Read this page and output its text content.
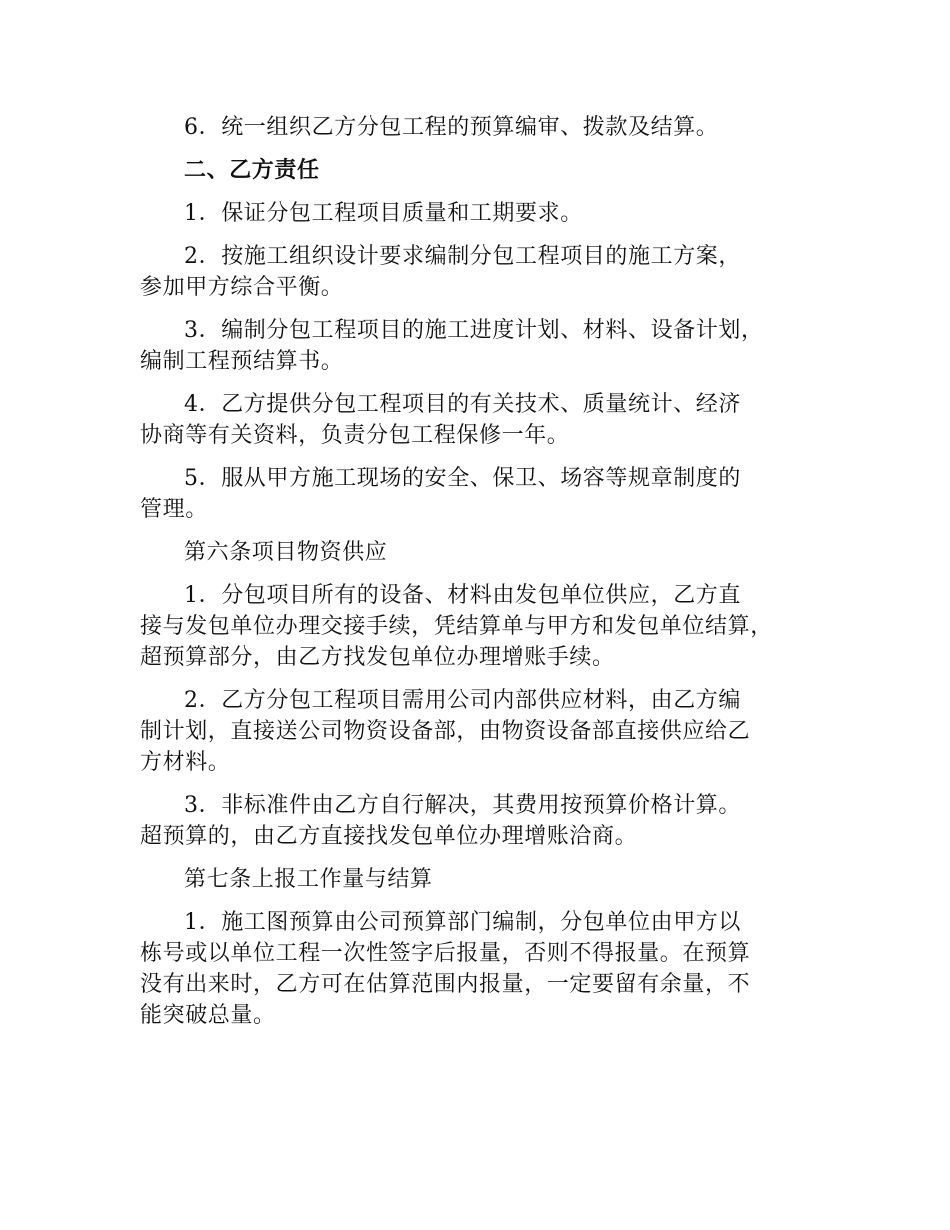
6．统一组织乙方分包工程的预算编审、拨款及结算。

二、乙方责任

1．保证分包工程项目质量和工期要求。

2．按施工组织设计要求编制分包工程项目的施工方案，
参加甲方综合平衡。

3．编制分包工程项目的施工进度计划、材料、设备计划，
编制工程预结算书。

4．乙方提供分包工程项目的有关技术、质量统计、经济
协商等有关资料，负责分包工程保修一年。

5．服从甲方施工现场的安全、保卫、场容等规章制度的
管理。

第六条项目物资供应

1．分包项目所有的设备、材料由发包单位供应，乙方直
接与发包单位办理交接手续，凭结算单与甲方和发包单位结算，
超预算部分，由乙方找发包单位办理增账手续。

2．乙方分包工程项目需用公司内部供应材料，由乙方编
制计划，直接送公司物资设备部，由物资设备部直接供应给乙
方材料。

3．非标准件由乙方自行解决，其费用按预算价格计算。
超预算的，由乙方直接找发包单位办理增账洽商。

第七条上报工作量与结算

1．施工图预算由公司预算部门编制，分包单位由甲方以
栋号或以单位工程一次性签字后报量，否则不得报量。在预算
没有出来时，乙方可在估算范围内报量，一定要留有余量，不
能突破总量。
